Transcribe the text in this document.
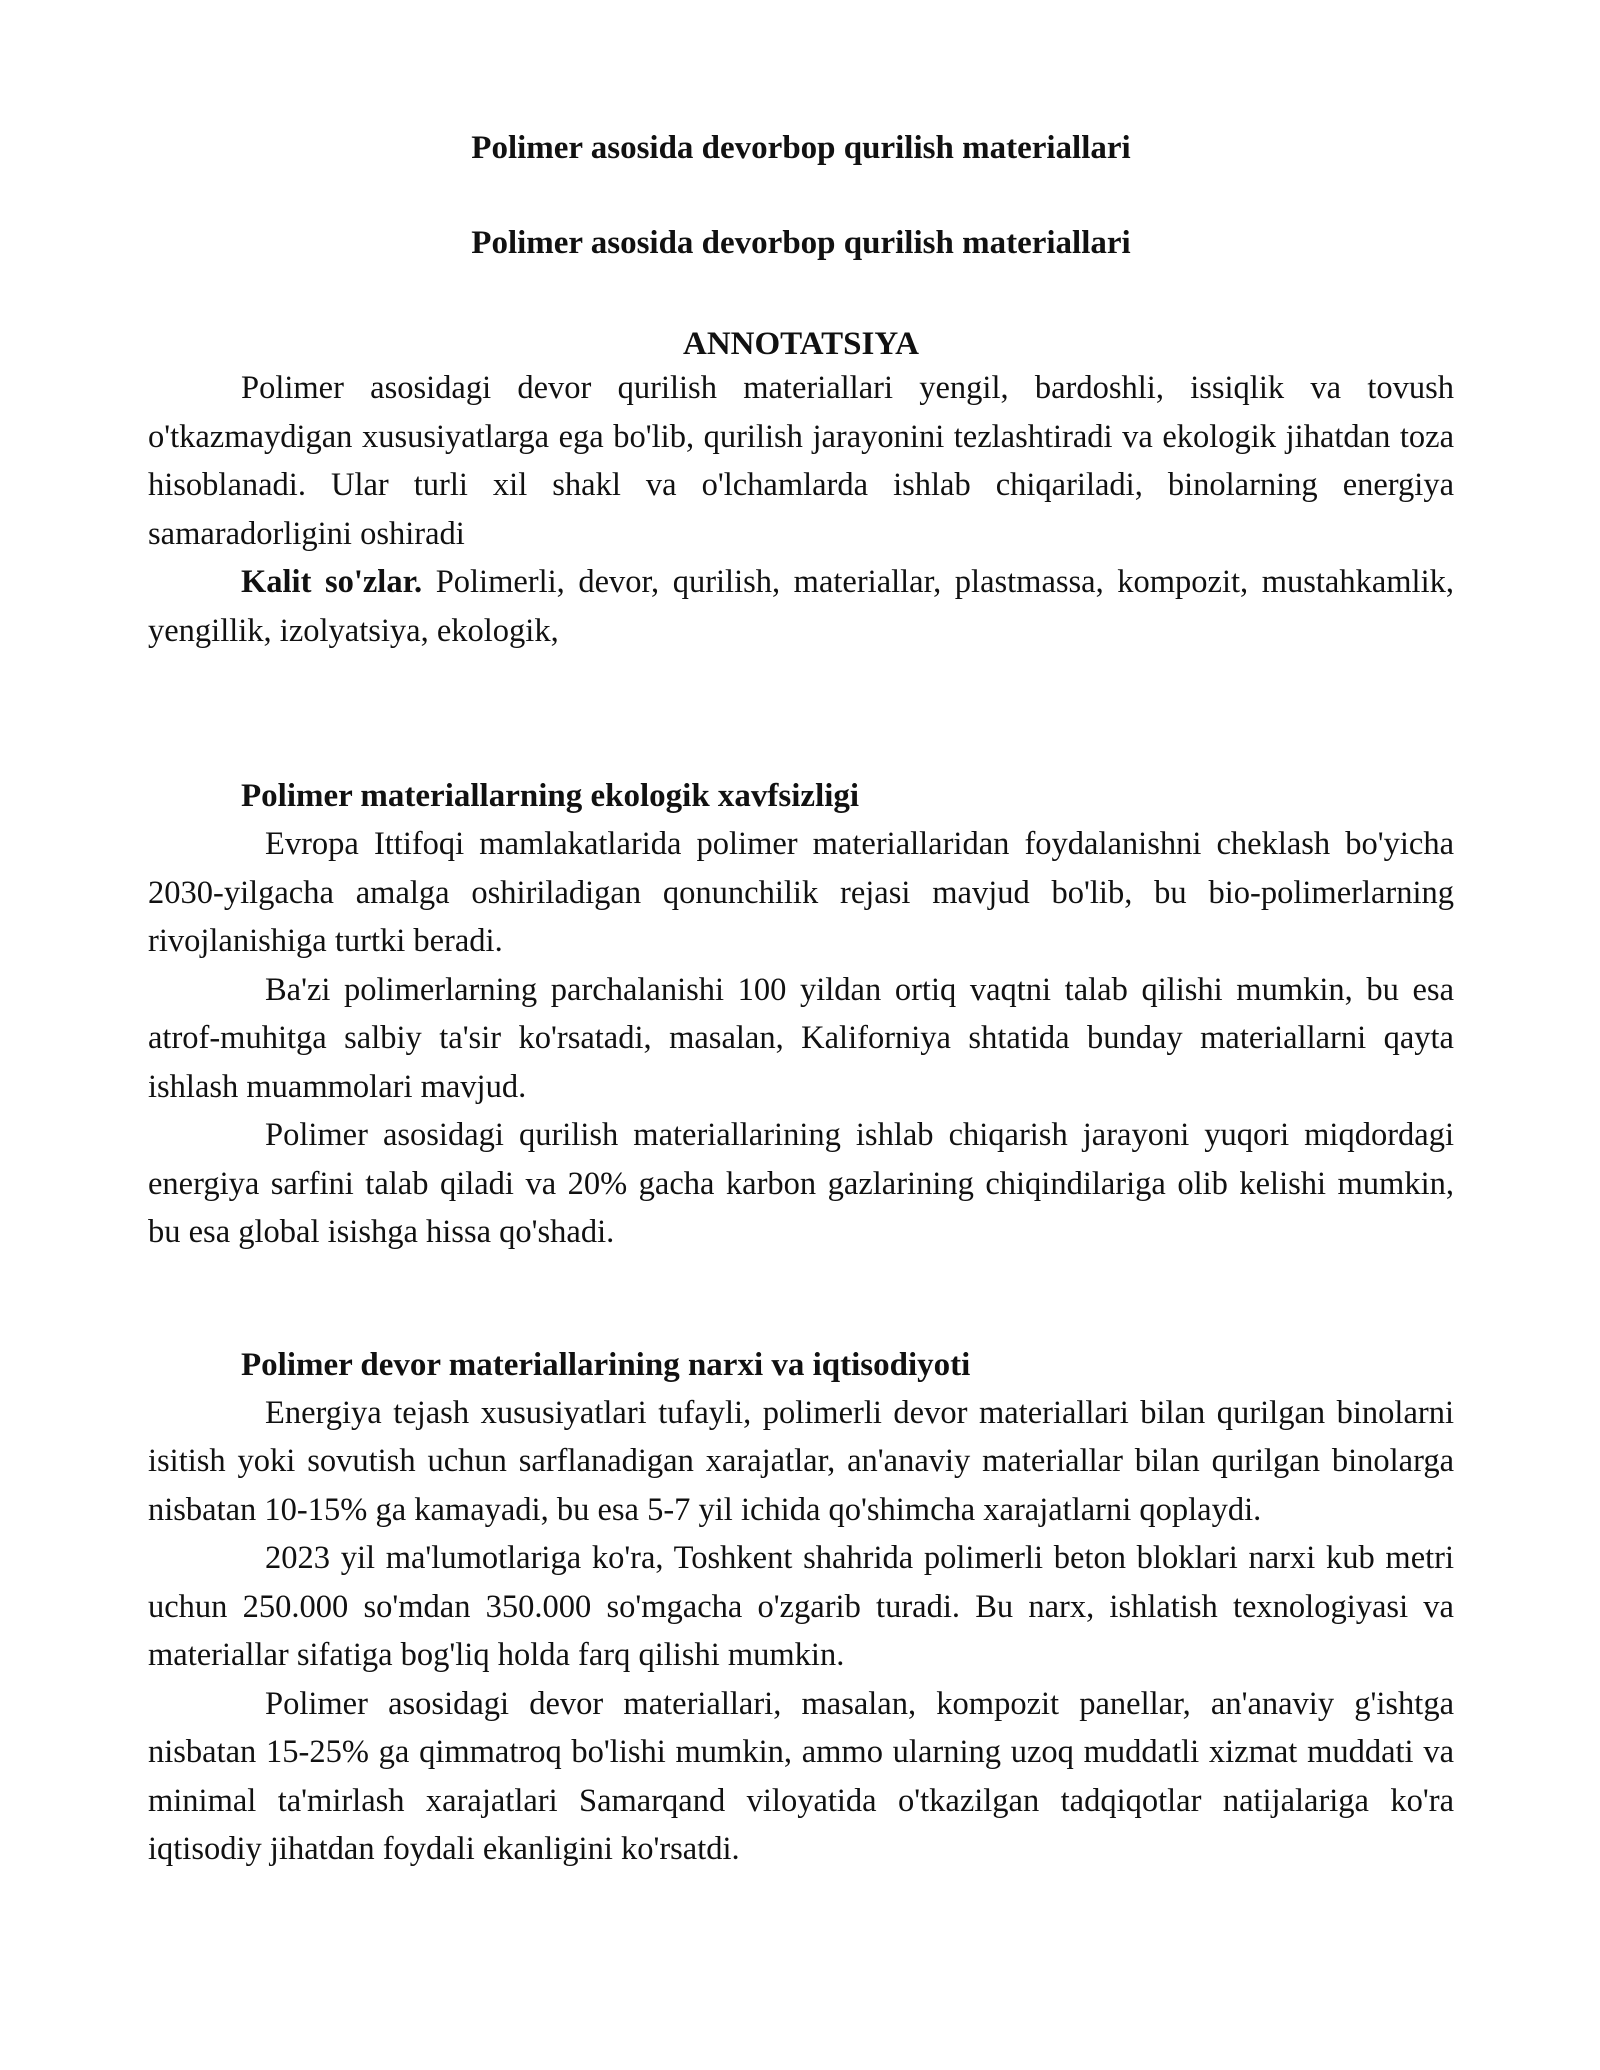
Polimer asosida devorbop qurilish materiallari
Polimer asosida devorbop qurilish materiallari
ANNOTATSIYA

Polimer asosidagi devor qurilish materiallari yengil, bardoshli, issiqlik va tovush o'tkazmaydigan xususiyatlarga ega bo'lib, qurilish jarayonini tezlashtiradi va ekologik jihatdan toza hisoblanadi. Ular turli xil shakl va o'lchamlarda ishlab chiqariladi, binolarning energiya samaradorligini oshiradi

Kalit so'zlar. Polimerli, devor, qurilish, materiallar, plastmassa, kompozit, mustahkamlik, yengillik, izolyatsiya, ekologik,

Polimer materiallarning ekologik xavfsizligi

Evropa Ittifoqi mamlakatlarida polimer materiallaridan foydalanishni cheklash bo'yicha 2030-yilgacha amalga oshiriladigan qonunchilik rejasi mavjud bo'lib, bu bio-polimerlarning rivojlanishiga turtki beradi.

Ba'zi polimerlarning parchalanishi 100 yildan ortiq vaqtni talab qilishi mumkin, bu esa atrof-muhitga salbiy ta'sir ko'rsatadi, masalan, Kaliforniya shtatida bunday materiallarni qayta ishlash muammolari mavjud.

Polimer asosidagi qurilish materiallarining ishlab chiqarish jarayoni yuqori miqdordagi energiya sarfini talab qiladi va 20% gacha karbon gazlarining chiqindilariga olib kelishi mumkin, bu esa global isishga hissa qo'shadi.

Polimer devor materiallarining narxi va iqtisodiyoti

Energiya tejash xususiyatlari tufayli, polimerli devor materiallari bilan qurilgan binolarni isitish yoki sovutish uchun sarflanadigan xarajatlar, an'anaviy materiallar bilan qurilgan binolarga nisbatan 10-15% ga kamayadi, bu esa 5-7 yil ichida qo'shimcha xarajatlarni qoplaydi.

2023 yil ma'lumotlariga ko'ra, Toshkent shahrida polimerli beton bloklari narxi kub metri uchun 250.000 so'mdan 350.000 so'mgacha o'zgarib turadi. Bu narx, ishlatish texnologiyasi va materiallar sifatiga bog'liq holda farq qilishi mumkin.

Polimer asosidagi devor materiallari, masalan, kompozit panellar, an'anaviy g'ishtga nisbatan 15-25% ga qimmatroq bo'lishi mumkin, ammo ularning uzoq muddatli xizmat muddati va minimal ta'mirlash xarajatlari Samarqand viloyatida o'tkazilgan tadqiqotlar natijalariga ko'ra iqtisodiy jihatdan foydali ekanligini ko'rsatdi.
